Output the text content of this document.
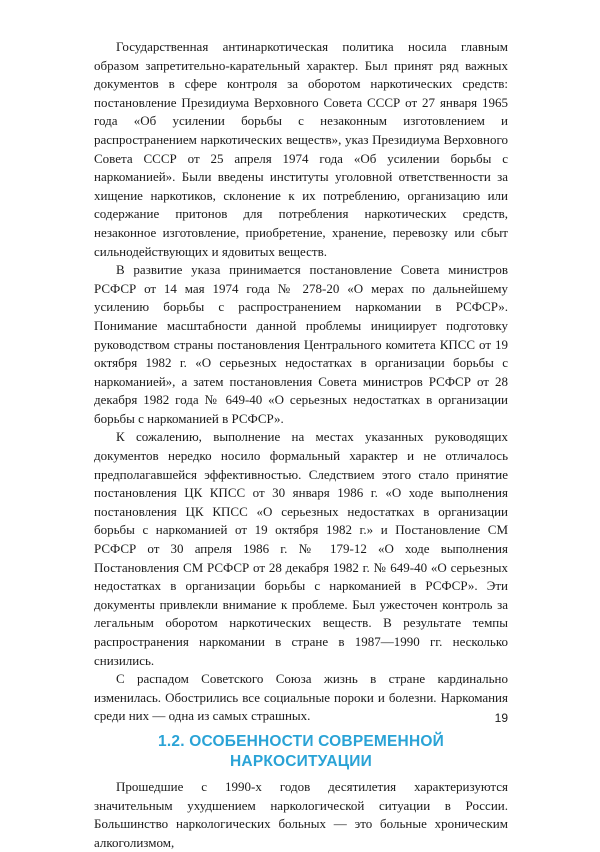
Государственная антинаркотическая политика носила главным образом запретительно-карательный характер. Был принят ряд важных документов в сфере контроля за оборотом наркотических средств: постановление Президиума Верховного Совета СССР от 27 января 1965 года «Об усилении борьбы с незаконным изготовлением и распространением наркотических веществ», указ Президиума Верховного Совета СССР от 25 апреля 1974 года «Об усилении борьбы с наркоманией». Были введены институты уголовной ответственности за хищение наркотиков, склонение к их потреблению, организацию или содержание притонов для потребления наркотических средств, незаконное изготовление, приобретение, хранение, перевозку или сбыт сильнодействующих и ядовитых веществ.

В развитие указа принимается постановление Совета министров РСФСР от 14 мая 1974 года № 278-20 «О мерах по дальнейшему усилению борьбы с распространением наркомании в РСФСР». Понимание масштабности данной проблемы инициирует подготовку руководством страны постановления Центрального комитета КПСС от 19 октября 1982 г. «О серьезных недостатках в организации борьбы с наркоманией», а затем постановления Совета министров РСФСР от 28 декабря 1982 года № 649-40 «О серьезных недостатках в организации борьбы с наркоманией в РСФСР».

К сожалению, выполнение на местах указанных руководящих документов нередко носило формальный характер и не отличалось предполагавшейся эффективностью. Следствием этого стало принятие постановления ЦК КПСС от 30 января 1986 г. «О ходе выполнения постановления ЦК КПСС «О серьезных недостатках в организации борьбы с наркоманией от 19 октября 1982 г.» и Постановление СМ РСФСР от 30 апреля 1986 г. № 179-12 «О ходе выполнения Постановления СМ РСФСР от 28 декабря 1982 г. № 649-40 «О серьезных недостатках в организации борьбы с наркоманией в РСФСР». Эти документы привлекли внимание к проблеме. Был ужесточен контроль за легальным оборотом наркотических веществ. В результате темпы распространения наркомании в стране в 1987—1990 гг. несколько снизились.

С распадом Советского Союза жизнь в стране кардинально изменилась. Обострились все социальные пороки и болезни. Наркомания среди них — одна из самых страшных.

1.2. ОСОБЕННОСТИ СОВРЕМЕННОЙ
НАРКОСИТУАЦИИ

Прошедшие с 1990-х годов десятилетия характеризуются значительным ухудшением наркологической ситуации в России. Большинство наркологических больных — это больные хроническим алкоголизмом,

19
